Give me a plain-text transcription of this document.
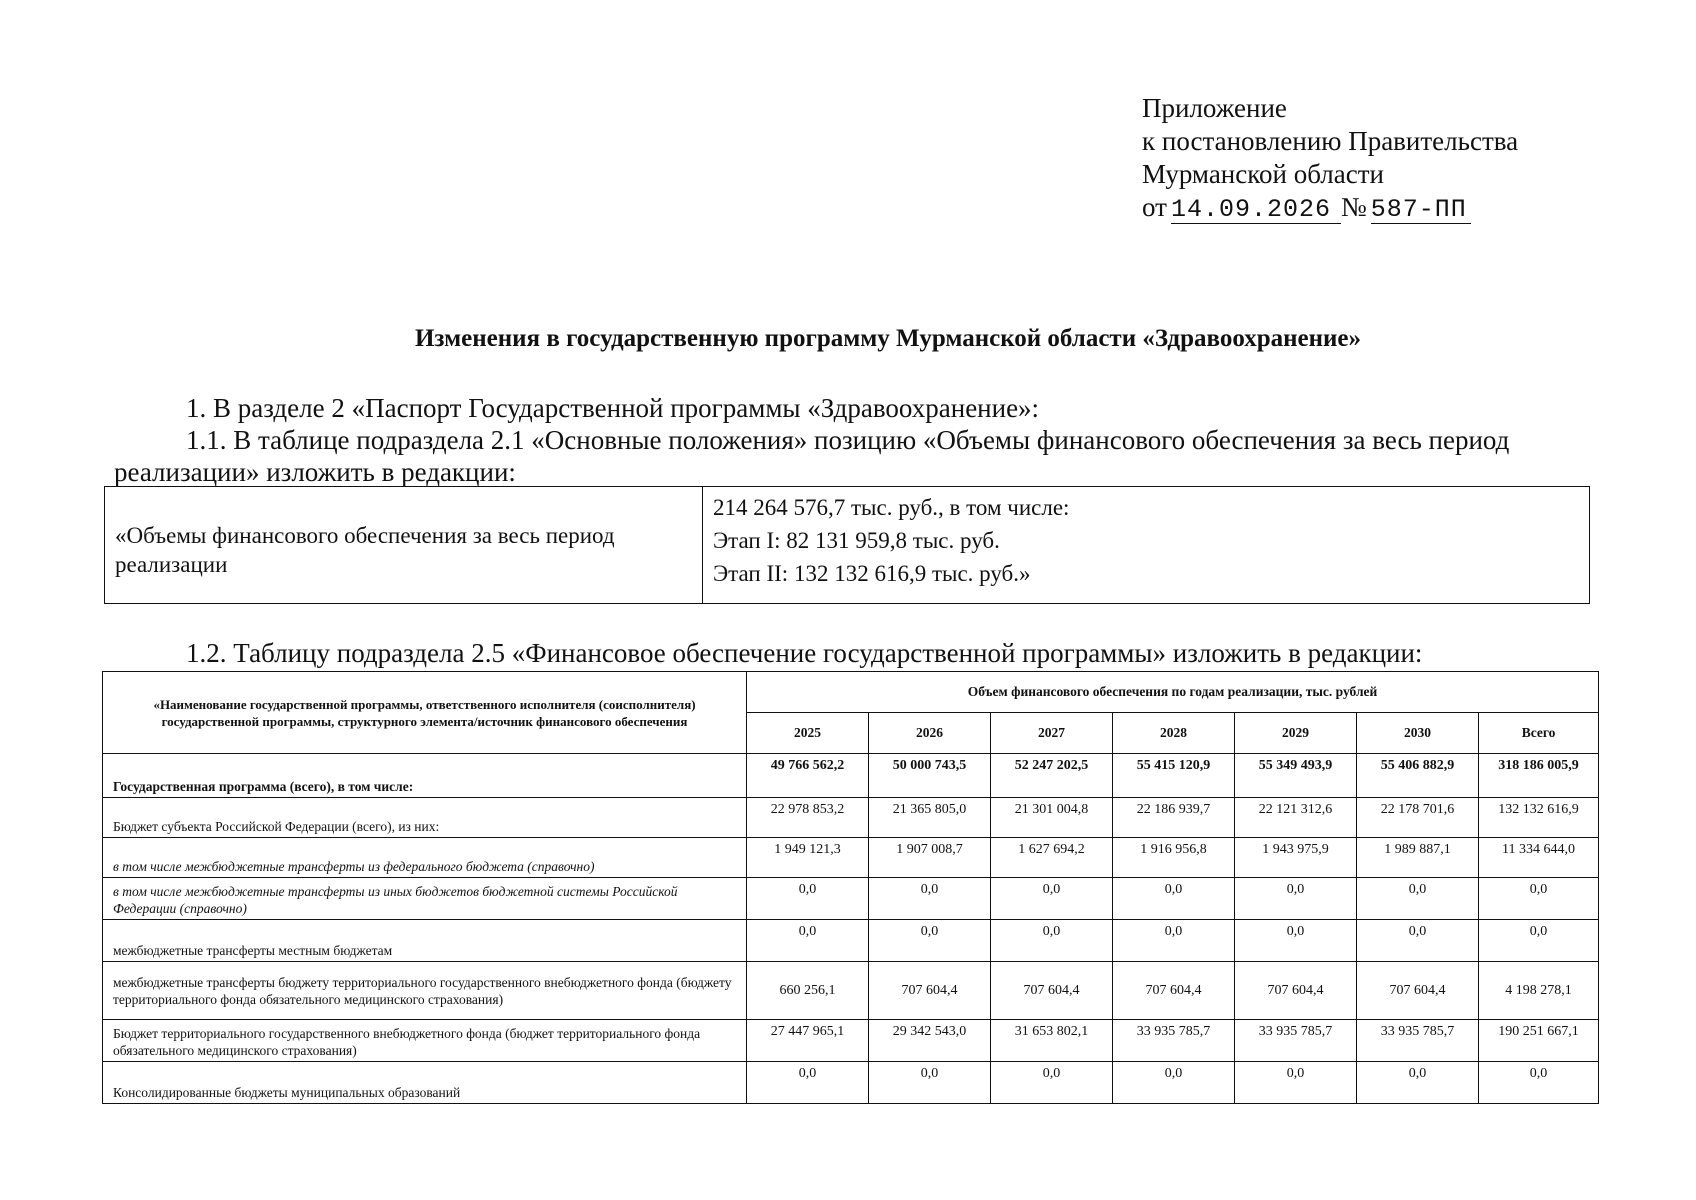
Приложение
к постановлению Правительства
Мурманской области
от 14.09.2026 № 587-ПП
Изменения в государственную программу Мурманской области «Здравоохранение»
1. В разделе 2 «Паспорт Государственной программы «Здравоохранение»:
1.1. В таблице подраздела 2.1 «Основные положения» позицию «Объемы финансового обеспечения за весь период
реализации» изложить в редакции:
«Объемы финансового обеспечения за весь период реализации
214 264 576,7 тыс. руб., в том числе:
Этап I: 82 131 959,8 тыс. руб.
Этап II: 132 132 616,9 тыс. руб.»
1.2. Таблицу подраздела 2.5 «Финансовое обеспечение государственной программы» изложить в редакции:
«Наименование государственной программы, ответственного исполнителя (соисполнителя) государственной программы, структурного элемента/источник финансового обеспечения	Объем финансового обеспечения по годам реализации, тыс. рублей						
	2025	2026	2027	2028	2029	2030	Всего
Государственная программа (всего), в том числе:	49 766 562,2	50 000 743,5	52 247 202,5	55 415 120,9	55 349 493,9	55 406 882,9	318 186 005,9
Бюджет субъекта Российской Федерации (всего), из них:	22 978 853,2	21 365 805,0	21 301 004,8	22 186 939,7	22 121 312,6	22 178 701,6	132 132 616,9
в том числе межбюджетные трансферты из федерального бюджета (справочно)	1 949 121,3	1 907 008,7	1 627 694,2	1 916 956,8	1 943 975,9	1 989 887,1	11 334 644,0
в том числе межбюджетные трансферты из иных бюджетов бюджетной системы Российской Федерации (справочно)	0,0	0,0	0,0	0,0	0,0	0,0	0,0
межбюджетные трансферты местным бюджетам	0,0	0,0	0,0	0,0	0,0	0,0	0,0
межбюджетные трансферты бюджету территориального государственного внебюджетного фонда (бюджету территориального фонда обязательного медицинского страхования)	660 256,1	707 604,4	707 604,4	707 604,4	707 604,4	707 604,4	4 198 278,1
Бюджет территориального государственного внебюджетного фонда (бюджет территориального фонда обязательного медицинского страхования)	27 447 965,1	29 342 543,0	31 653 802,1	33 935 785,7	33 935 785,7	33 935 785,7	190 251 667,1
Консолидированные бюджеты муниципальных образований	0,0	0,0	0,0	0,0	0,0	0,0	0,0
